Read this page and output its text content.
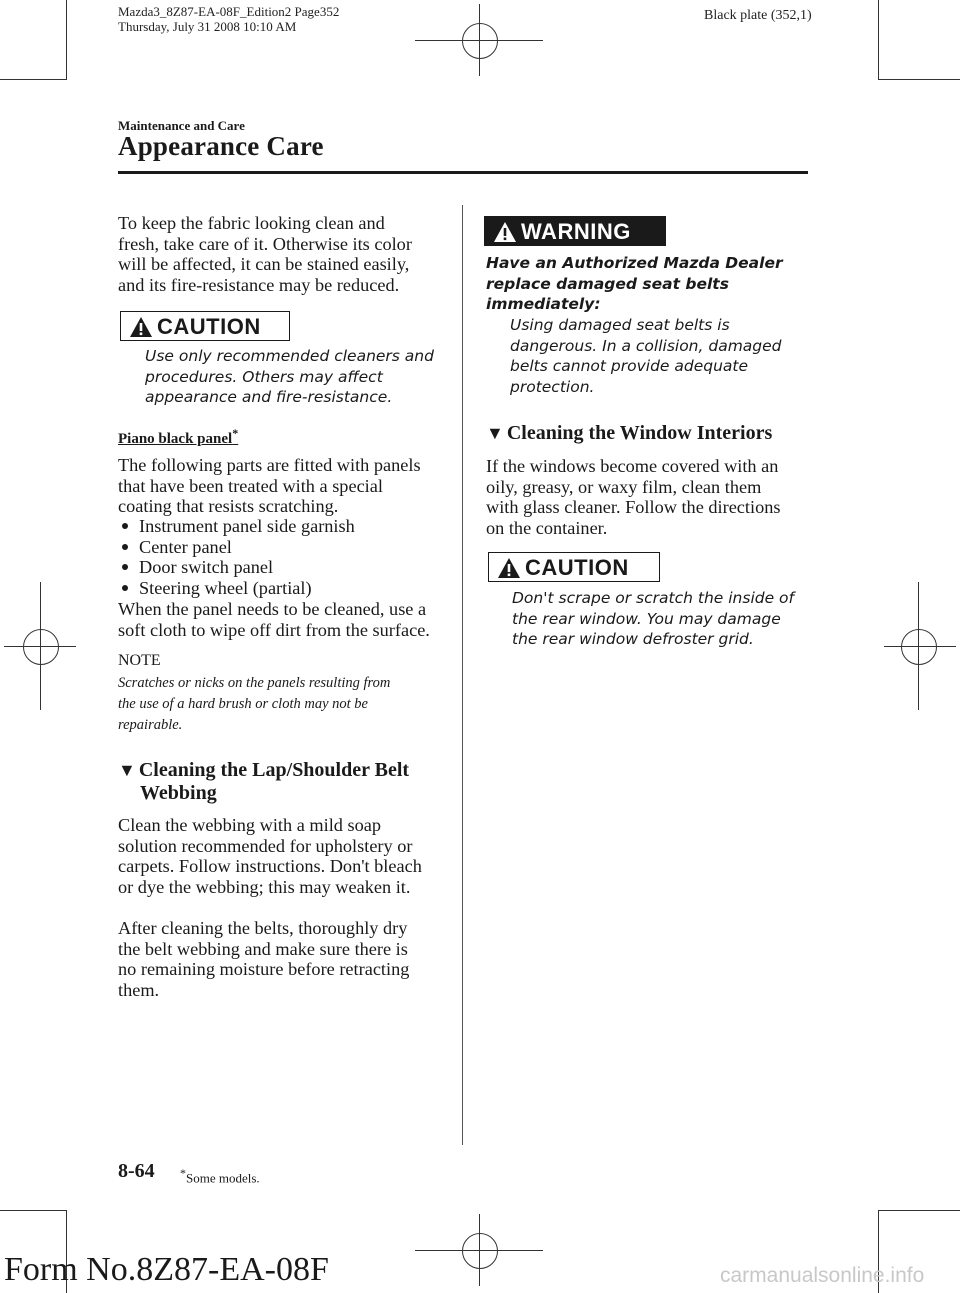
Mazda3_8Z87-EA-08F_Edition2 Page352
Thursday, July 31 2008 10:10 AM
Black plate (352,1)
Maintenance and Care
Appearance Care
To keep the fabric looking clean and
fresh, take care of it. Otherwise its color
will be affected, it can be stained easily,
and its fire-resistance may be reduced.
CAUTION
Use only recommended cleaners and
procedures. Others may affect
appearance and fire-resistance.
Piano black panel*
The following parts are fitted with panels
that have been treated with a special
coating that resists scratching.
Instrument panel side garnish
Center panel
Door switch panel
Steering wheel (partial)
When the panel needs to be cleaned, use a
soft cloth to wipe off dirt from the surface.
NOTE
Scratches or nicks on the panels resulting from
the use of a hard brush or cloth may not be
repairable.
▼ Cleaning the Lap/Shoulder Belt
Webbing
Clean the webbing with a mild soap
solution recommended for upholstery or
carpets. Follow instructions. Don't bleach
or dye the webbing; this may weaken it.
After cleaning the belts, thoroughly dry
the belt webbing and make sure there is
no remaining moisture before retracting
them.
WARNING
Have an Authorized Mazda Dealer
replace damaged seat belts
immediately:
Using damaged seat belts is
dangerous. In a collision, damaged
belts cannot provide adequate
protection.
▼ Cleaning the Window Interiors
If the windows become covered with an
oily, greasy, or waxy film, clean them
with glass cleaner. Follow the directions
on the container.
CAUTION
Don't scrape or scratch the inside of
the rear window. You may damage
the rear window defroster grid.
8-64 *Some models.
Form No.8Z87-EA-08F	carmanualsonline.info
